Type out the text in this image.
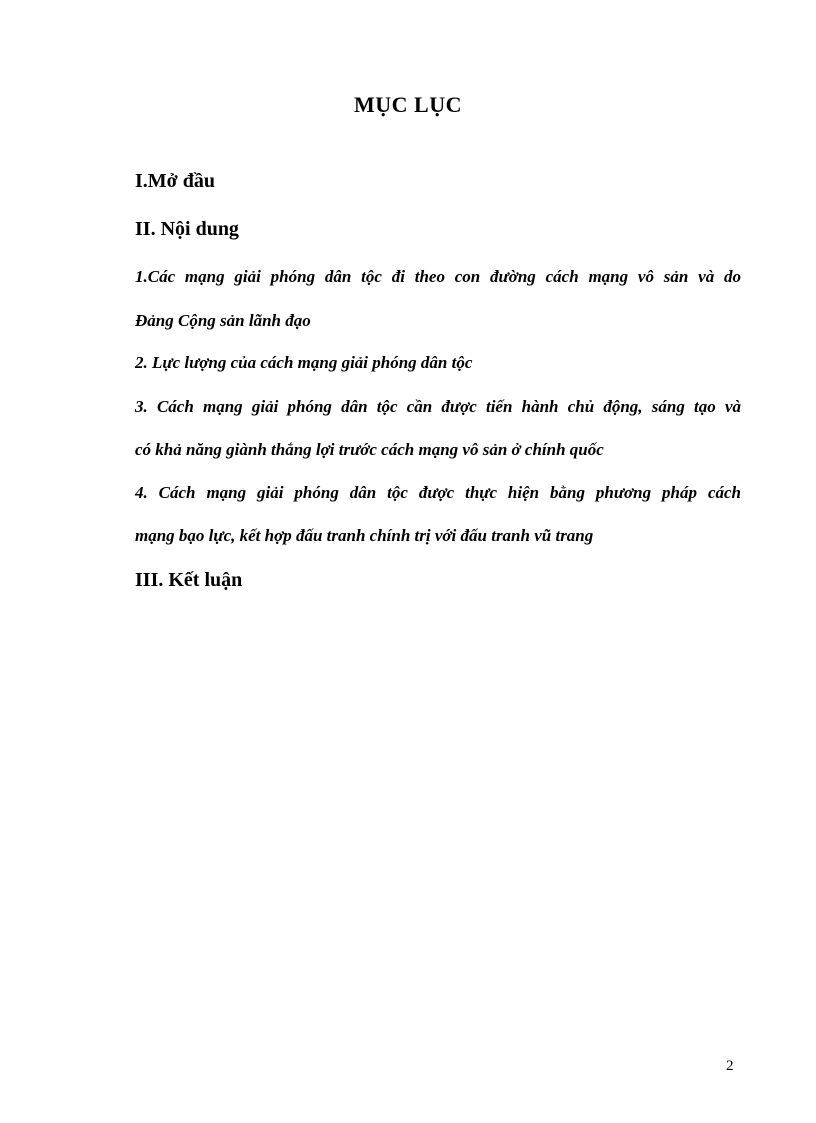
MỤC LỤC

I.Mở đầu

II. Nội dung

1.Các mạng giải phóng dân tộc đi theo con đường cách mạng vô sản và do

Đảng Cộng sản lãnh đạo

2. Lực lượng của cách mạng giải phóng dân tộc

3. Cách mạng giải phóng dân tộc cần được tiến hành chủ động, sáng tạo và

có khả năng giành thắng lợi trước cách mạng vô sản ở chính quốc

4. Cách mạng giải phóng dân tộc được thực hiện bằng phương pháp cách

mạng bạo lực, kết hợp đấu tranh chính trị với đấu tranh vũ trang

III. Kết luận

2
